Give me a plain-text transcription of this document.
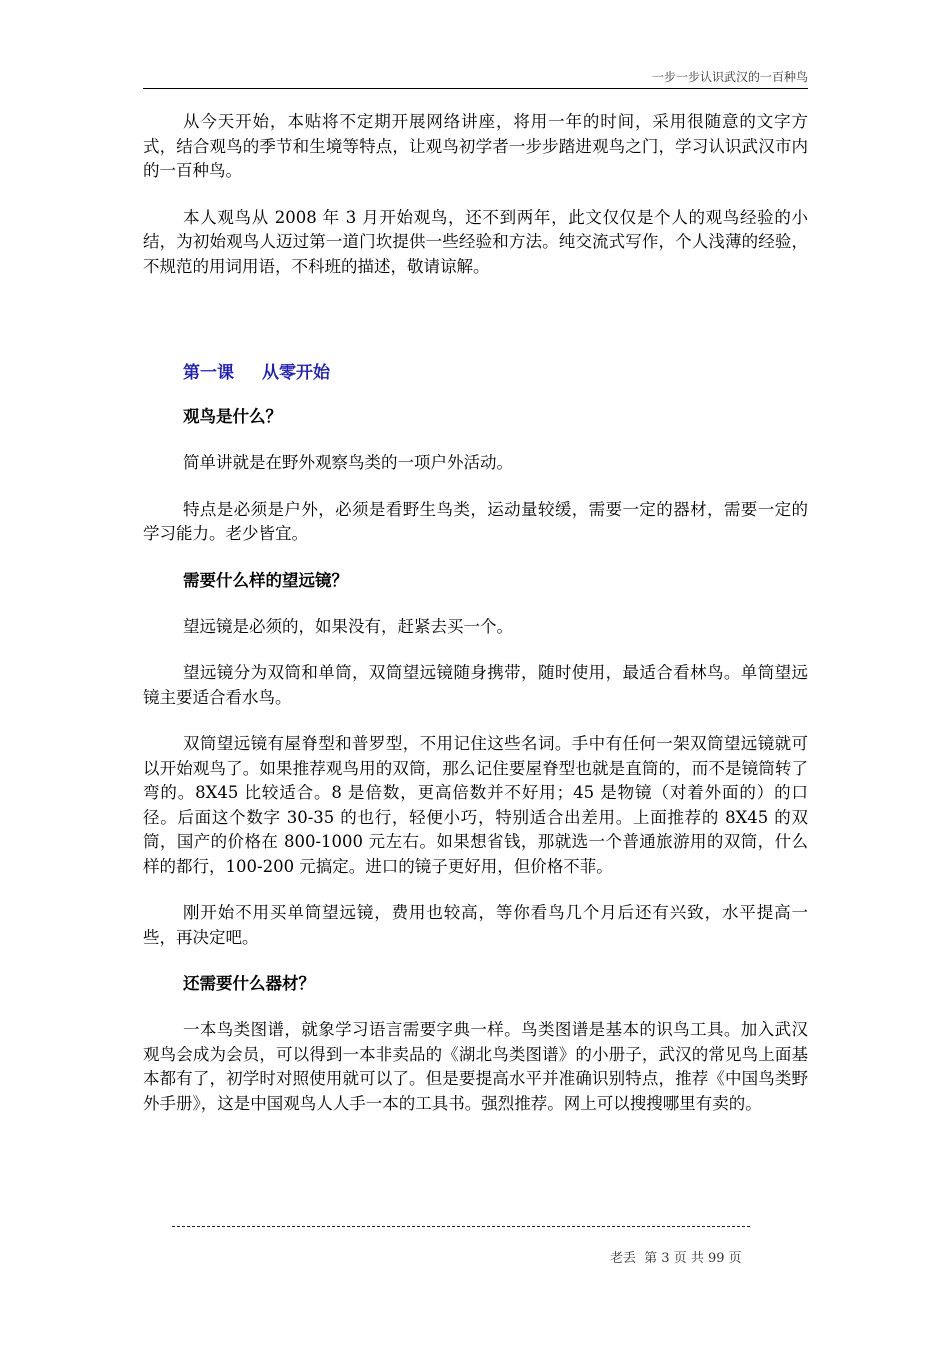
一步一步认识武汉的一百种鸟

从今天开始，本贴将不定期开展网络讲座，将用一年的时间，采用很随意的文字方式，结合观鸟的季节和生境等特点，让观鸟初学者一步步踏进观鸟之门，学习认识武汉市内的一百种鸟。

本人观鸟从 2008 年 3 月开始观鸟，还不到两年，此文仅仅是个人的观鸟经验的小结，为初始观鸟人迈过第一道门坎提供一些经验和方法。纯交流式写作，个人浅薄的经验，不规范的用词用语，不科班的描述，敬请谅解。

第一课 从零开始
观鸟是什么？

简单讲就是在野外观察鸟类的一项户外活动。

特点是必须是户外，必须是看野生鸟类，运动量较缓，需要一定的器材，需要一定的学习能力。老少皆宜。

需要什么样的望远镜？

望远镜是必须的，如果没有，赶紧去买一个。

望远镜分为双筒和单筒，双筒望远镜随身携带，随时使用，最适合看林鸟。单筒望远镜主要适合看水鸟。

双筒望远镜有屋脊型和普罗型，不用记住这些名词。手中有任何一架双筒望远镜就可以开始观鸟了。如果推荐观鸟用的双筒，那么记住要屋脊型也就是直筒的，而不是镜筒转了弯的。8X45 比较适合。8 是倍数，更高倍数并不好用；45 是物镜（对着外面的）的口径。后面这个数字 30-35 的也行，轻便小巧，特别适合出差用。上面推荐的 8X45 的双筒，国产的价格在 800-1000 元左右。如果想省钱，那就选一个普通旅游用的双筒，什么样的都行，100-200 元搞定。进口的镜子更好用，但价格不菲。

刚开始不用买单筒望远镜，费用也较高，等你看鸟几个月后还有兴致，水平提高一些，再决定吧。

还需要什么器材？

一本鸟类图谱，就象学习语言需要字典一样。鸟类图谱是基本的识鸟工具。加入武汉观鸟会成为会员，可以得到一本非卖品的《湖北鸟类图谱》的小册子，武汉的常见鸟上面基本都有了，初学时对照使用就可以了。但是要提高水平并准确识别特点，推荐《中国鸟类野外手册》，这是中国观鸟人人手一本的工具书。强烈推荐。网上可以搜搜哪里有卖的。

老丢 第 3 页 共 99 页
